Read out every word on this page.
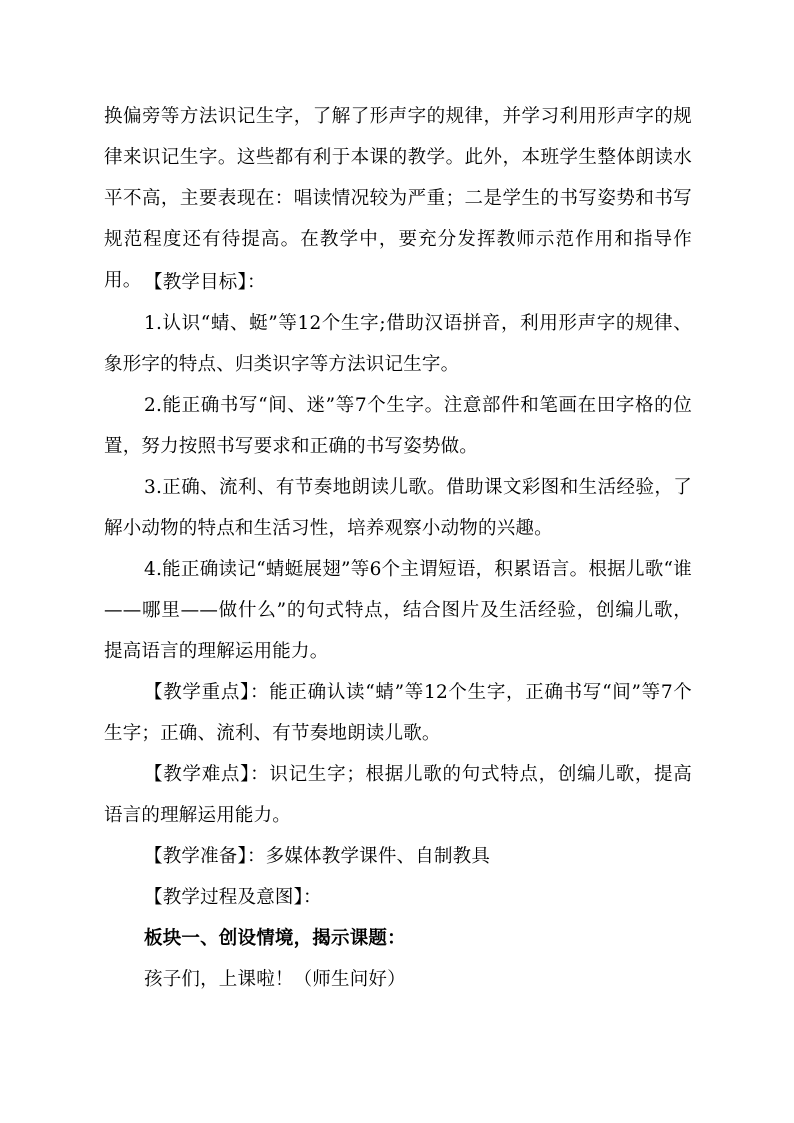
换偏旁等方法识记生字，了解了形声字的规律，并学习利用形声字的规律来识记生字。这些都有利于本课的教学。此外，本班学生整体朗读水平不高，主要表现在：唱读情况较为严重；二是学生的书写姿势和书写规范程度还有待提高。在教学中，要充分发挥教师示范作用和指导作用。 【教学目标】：

1.认识“蜻、蜓”等12个生字;借助汉语拼音，利用形声字的规律、象形字的特点、归类识字等方法识记生字。

2.能正确书写“间、迷”等7个生字。注意部件和笔画在田字格的位置，努力按照书写要求和正确的书写姿势做。

3.正确、流利、有节奏地朗读儿歌。借助课文彩图和生活经验，了解小动物的特点和生活习性，培养观察小动物的兴趣。

4.能正确读记“蜻蜓展翅”等6个主谓短语，积累语言。根据儿歌“谁——哪里——做什么”的句式特点，结合图片及生活经验，创编儿歌，提高语言的理解运用能力。

【教学重点】：能正确认读“蜻”等12个生字，正确书写“间”等7个生字；正确、流利、有节奏地朗读儿歌。

【教学难点】：识记生字；根据儿歌的句式特点，创编儿歌，提高语言的理解运用能力。

【教学准备】：多媒体教学课件、自制教具

【教学过程及意图】：

板块一、创设情境，揭示课题：

孩子们，上课啦！（师生问好）
